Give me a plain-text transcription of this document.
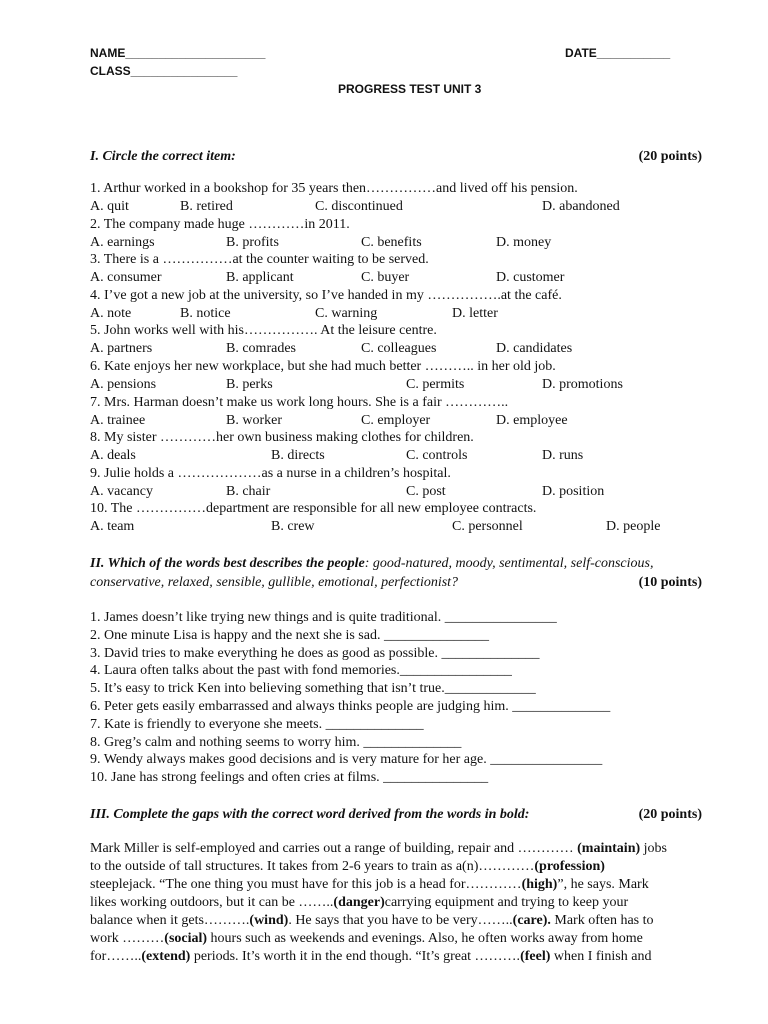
NAME_____________________	DATE___________
CLASS________________
PROGRESS TEST UNIT 3
I. Circle the correct item:	(20 points)
1. Arthur worked in a bookshop for 35 years then……………and lived off his pension.
A. quit	B. retired	C. discontinued	D. abandoned
2. The company made huge …………in 2011.
A. earnings	B. profits	C. benefits	D. money
3. There is a ……………at the counter waiting to be served.
A. consumer	B. applicant	C. buyer	D. customer
4. I’ve got a new job at the university, so I’ve handed in my …………….at the café.
A. note	B. notice	C. warning	D. letter
5. John works well with his……………. At the leisure centre.
A. partners	B. comrades	C. colleagues	D. candidates
6. Kate enjoys her new workplace, but she had much better ……….. in her old job.
A. pensions	B. perks	C. permits	D. promotions
7. Mrs. Harman doesn’t make us work long hours. She is a fair …………..
A. trainee	B. worker	C. employer	D. employee
8. My sister …………her own business making clothes for children.
A. deals	B. directs	C. controls	D. runs
9. Julie holds a ………………as a nurse in a children’s hospital.
A. vacancy	B. chair	C. post	D. position
10. The ……………department are responsible for all new employee contracts.
A. team	B. crew	C. personnel	D. people
II. Which of the words best describes the people: good-natured, moody, sentimental, self-conscious,
conservative, relaxed, sensible, gullible, emotional, perfectionist?	(10 points)
1. James doesn’t like trying new things and is quite traditional. ________________
2. One minute Lisa is happy and the next she is sad. _______________
3. David tries to make everything he does as good as possible. ______________
4. Laura often talks about the past with fond memories.________________
5. It’s easy to trick Ken into believing something that isn’t true._____________
6. Peter gets easily embarrassed and always thinks people are judging him. ______________
7. Kate is friendly to everyone she meets. ______________
8. Greg’s calm and nothing seems to worry him. ______________
9. Wendy always makes good decisions and is very mature for her age. ________________
10. Jane has strong feelings and often cries at films. _______________
III. Complete the gaps with the correct word derived from the words in bold:	(20 points)
Mark Miller is self-employed and carries out a range of building, repair and ………… (maintain) jobs
to the outside of tall structures. It takes from 2-6 years to train as a(n)…………(profession)
steeplejack. “The one thing you must have for this job is a head for…………(high)”, he says. Mark
likes working outdoors, but it can be ……..(danger)carrying equipment and trying to keep your
balance when it gets……….(wind). He says that you have to be very……..(care). Mark often has to
work ………(social) hours such as weekends and evenings. Also, he often works away from home
for……..(extend) periods. It’s worth it in the end though. “It’s great ……….(feel) when I finish and
